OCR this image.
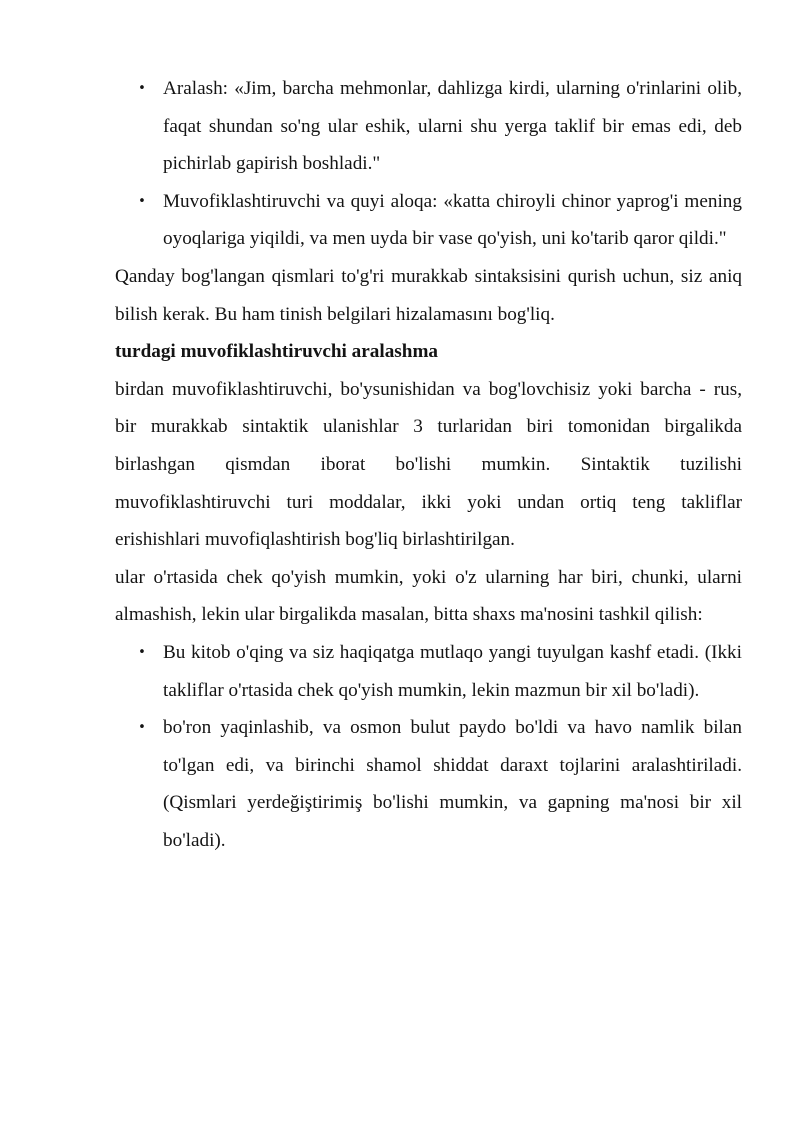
• Aralash: «Jim, barcha mehmonlar, dahlizga kirdi, ularning o'rinlarini olib, faqat shundan so'ng ular eshik, ularni shu yerga taklif bir emas edi, deb pichirlab gapirish boshladi."
• Muvofiklashtiruvchi va quyi aloqa: «katta chiroyli chinor yaprog'i mening oyoqlariga yiqildi, va men uyda bir vase qo'yish, uni ko'tarib qaror qildi."
Qanday bog'langan qismlari to'g'ri murakkab sintaksisini qurish uchun, siz aniq bilish kerak. Bu ham tinish belgilari hizalamasını bog'liq.
turdagi muvofiklashtiruvchi aralashma
birdan muvofiklashtiruvchi, bo'ysunishidan va bog'lovchisiz yoki barcha - rus, bir murakkab sintaktik ulanishlar 3 turlaridan biri tomonidan birgalikda birlashgan qismdan iborat bo'lishi mumkin. Sintaktik tuzilishi muvofiklashtiruvchi turi moddalar, ikki yoki undan ortiq teng takliflar erishishlari muvofiqlashtirish bog'liq birlashtirilgan.
ular o'rtasida chek qo'yish mumkin, yoki o'z ularning har biri, chunki, ularni almashish, lekin ular birgalikda masalan, bitta shaxs ma'nosini tashkil qilish:
• Bu kitob o'qing va siz haqiqatga mutlaqo yangi tuyulgan kashf etadi. (Ikki takliflar o'rtasida chek qo'yish mumkin, lekin mazmun bir xil bo'ladi).
• bo'ron yaqinlashib, va osmon bulut paydo bo'ldi va havo namlik bilan to'lgan edi, va birinchi shamol shiddat daraxt tojlarini aralashtiriladi. (Qismlari yerdeğiştirimiş bo'lishi mumkin, va gapning ma'nosi bir xil bo'ladi).
